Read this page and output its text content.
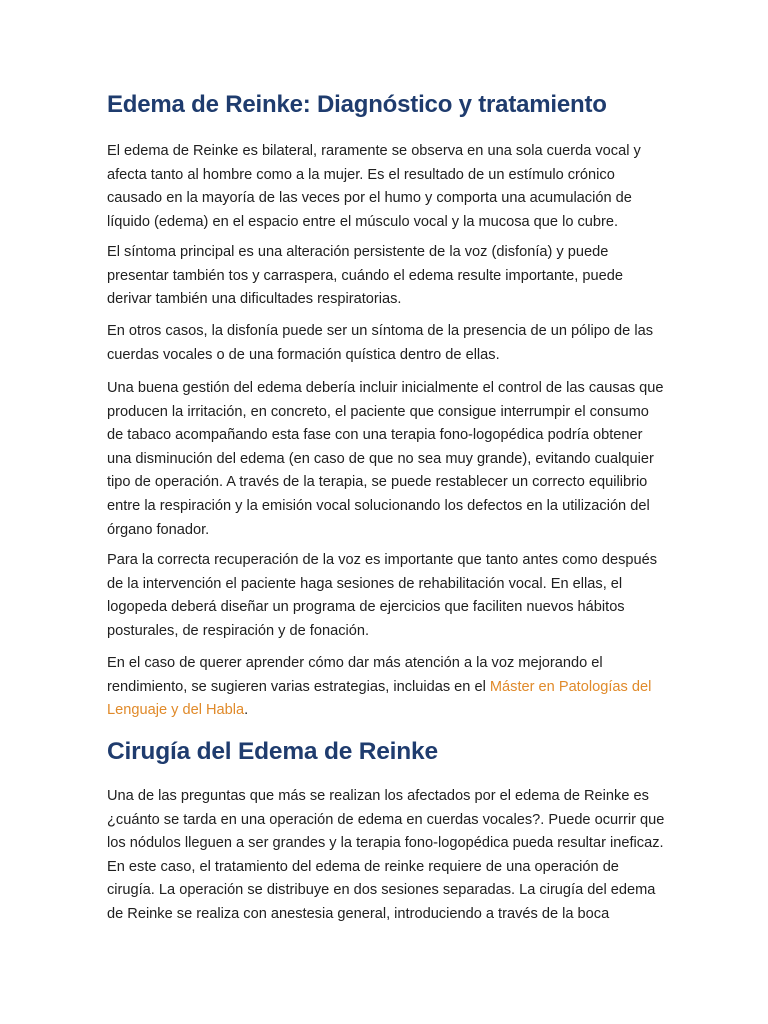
Edema de Reinke: Diagnóstico y tratamiento

El edema de Reinke es bilateral, raramente se observa en una sola cuerda vocal y afecta tanto al hombre como a la mujer. Es el resultado de un estímulo crónico causado en la mayoría de las veces por el humo y comporta una acumulación de líquido (edema) en el espacio entre el músculo vocal y la mucosa que lo cubre.

El síntoma principal es una alteración persistente de la voz (disfonía) y puede presentar también tos y carraspera, cuándo el edema resulte importante, puede derivar también una dificultades respiratorias.

En otros casos, la disfonía puede ser un síntoma de la presencia de un pólipo de las cuerdas vocales o de una formación quística dentro de ellas.

Una buena gestión del edema debería incluir inicialmente el control de las causas que producen la irritación, en concreto, el paciente que consigue interrumpir el consumo de tabaco acompañando esta fase con una terapia fono-logopédica podría obtener una disminución del edema (en caso de que no sea muy grande), evitando cualquier tipo de operación. A través de la terapia, se puede restablecer un correcto equilibrio entre la respiración y la emisión vocal solucionando los defectos en la utilización del órgano fonador.

Para la correcta recuperación de la voz es importante que tanto antes como después de la intervención el paciente haga sesiones de rehabilitación vocal. En ellas, el logopeda deberá diseñar un programa de ejercicios que faciliten nuevos hábitos posturales, de respiración y de fonación.

En el caso de querer aprender cómo dar más atención a la voz mejorando el rendimiento, se sugieren varias estrategias, incluidas en el Máster en Patologías del Lenguaje y del Habla.

Cirugía del Edema de Reinke

Una de las preguntas que más se realizan los afectados por el edema de Reinke es ¿cuánto se tarda en una operación de edema en cuerdas vocales?. Puede ocurrir que los nódulos lleguen a ser grandes y la terapia fono-logopédica pueda resultar ineficaz. En este caso, el tratamiento del edema de reinke requiere de una operación de cirugía. La operación se distribuye en dos sesiones separadas. La cirugía del edema de Reinke se realiza con anestesia general, introduciendo a través de la boca
